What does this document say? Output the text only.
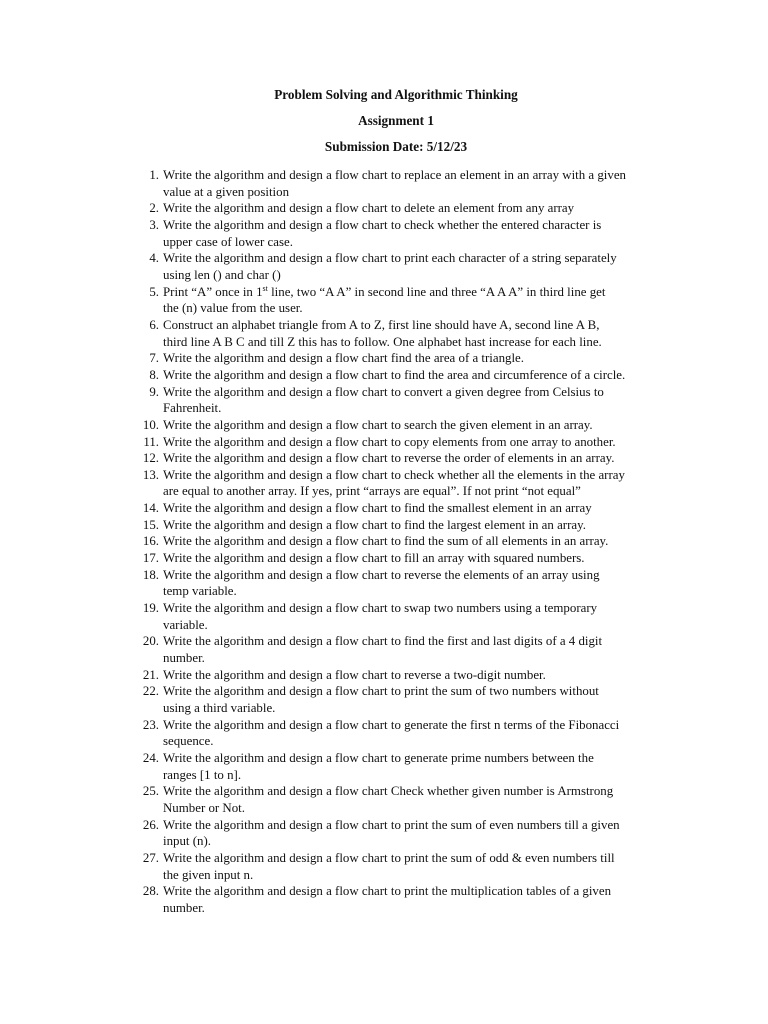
Problem Solving and Algorithmic Thinking
Assignment 1
Submission Date: 5/12/23
1. Write the algorithm and design a flow chart to replace an element in an array with a given
value at a given position
2. Write the algorithm and design a flow chart to delete an element from any array
3. Write the algorithm and design a flow chart to check whether the entered character is
upper case of lower case.
4. Write the algorithm and design a flow chart to print each character of a string separately
using len () and char ()
5. Print “A” once in 1st line, two “A A” in second line and three “A A A” in third line get
the (n) value from the user.
6. Construct an alphabet triangle from A to Z, first line should have A, second line A B,
third line A B C and till Z this has to follow. One alphabet hast increase for each line.
7. Write the algorithm and design a flow chart find the area of a triangle.
8. Write the algorithm and design a flow chart to find the area and circumference of a circle.
9. Write the algorithm and design a flow chart to convert a given degree from Celsius to
Fahrenheit.
10. Write the algorithm and design a flow chart to search the given element in an array.
11. Write the algorithm and design a flow chart to copy elements from one array to another.
12. Write the algorithm and design a flow chart to reverse the order of elements in an array.
13. Write the algorithm and design a flow chart to check whether all the elements in the array
are equal to another array. If yes, print “arrays are equal”. If not print “not equal”
14. Write the algorithm and design a flow chart to find the smallest element in an array
15. Write the algorithm and design a flow chart to find the largest element in an array.
16. Write the algorithm and design a flow chart to find the sum of all elements in an array.
17. Write the algorithm and design a flow chart to fill an array with squared numbers.
18. Write the algorithm and design a flow chart to reverse the elements of an array using
temp variable.
19. Write the algorithm and design a flow chart to swap two numbers using a temporary
variable.
20. Write the algorithm and design a flow chart to find the first and last digits of a 4 digit
number.
21. Write the algorithm and design a flow chart to reverse a two-digit number.
22. Write the algorithm and design a flow chart to print the sum of two numbers without
using a third variable.
23. Write the algorithm and design a flow chart to generate the first n terms of the Fibonacci
sequence.
24. Write the algorithm and design a flow chart to generate prime numbers between the
ranges [1 to n].
25. Write the algorithm and design a flow chart Check whether given number is Armstrong
Number or Not.
26. Write the algorithm and design a flow chart to print the sum of even numbers till a given
input (n).
27. Write the algorithm and design a flow chart to print the sum of odd & even numbers till
the given input n.
28. Write the algorithm and design a flow chart to print the multiplication tables of a given
number.
